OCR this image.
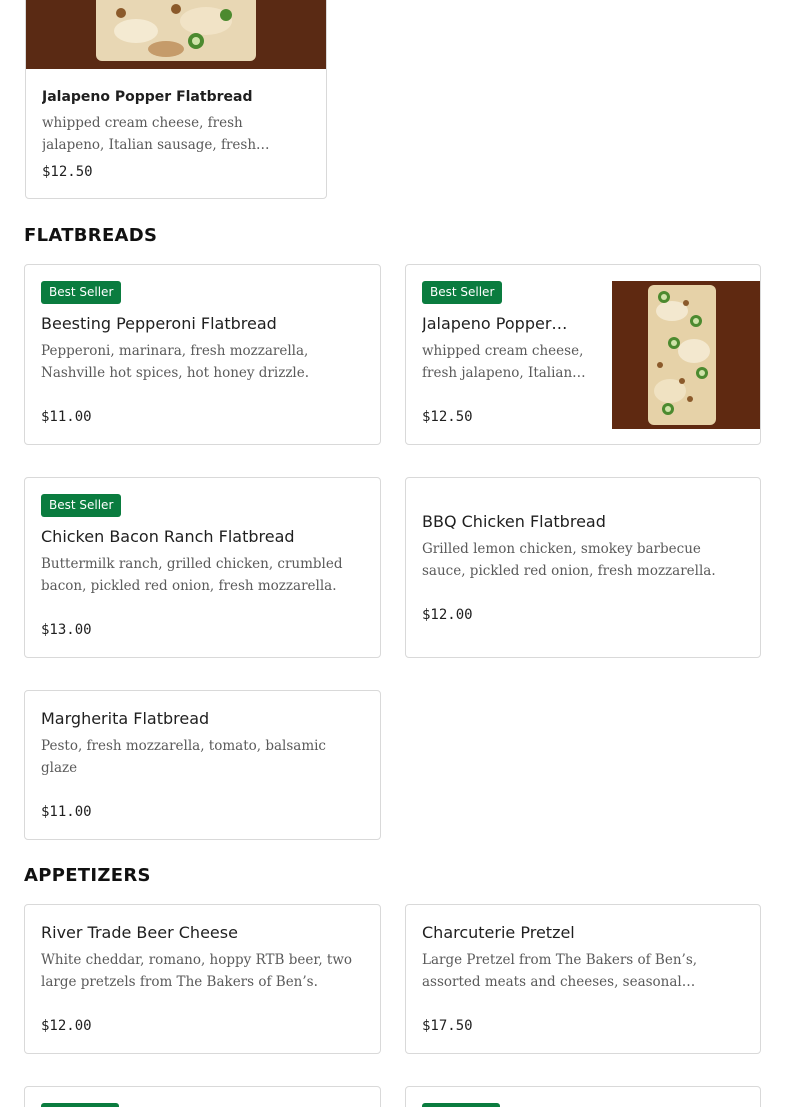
Jalapeno Popper Flatbread
whipped cream cheese, fresh jalapeno, Italian sausage, fresh
$12.50
FLATBREADS
Best Seller
Beesting Pepperoni Flatbread
Pepperoni, marinara, fresh mozzarella, Nashville hot spices, hot honey drizzle.
$11.00
Best Seller
Jalapeno Popper…
whipped cream cheese, fresh jalapeno, Italian…
$12.50
Best Seller
Chicken Bacon Ranch Flatbread
Buttermilk ranch, grilled chicken, crumbled bacon, pickled red onion, fresh mozzarella.
$13.00
BBQ Chicken Flatbread
Grilled lemon chicken, smokey barbecue sauce, pickled red onion, fresh mozzarella.
$12.00
Margherita Flatbread
Pesto, fresh mozzarella, tomato, balsamic glaze
$11.00
APPETIZERS
River Trade Beer Cheese
White cheddar, romano, hoppy RTB beer, two large pretzels from The Bakers of Ben’s.
$12.00
Charcuterie Pretzel
Large Pretzel from The Bakers of Ben’s, assorted meats and cheeses, seasonal
$17.50
